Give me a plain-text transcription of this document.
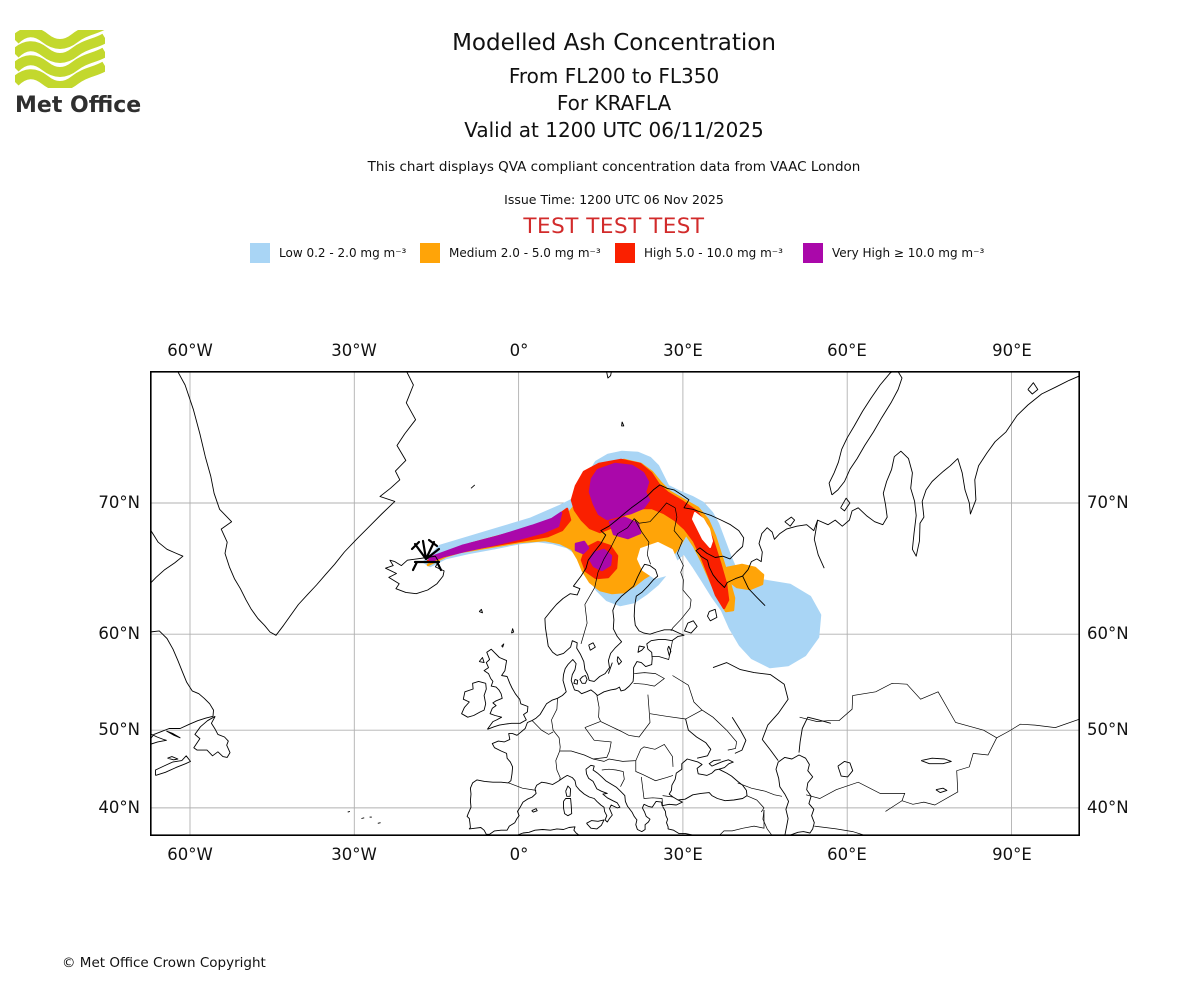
Met Office
Modelled Ash Concentration
From FL200 to FL350
For KRAFLA
Valid at 1200 UTC 06/11/2025
This chart displays QVA compliant concentration data from VAAC London
Issue Time: 1200 UTC 06 Nov 2025
TEST TEST TEST
Low 0.2 - 2.0 mg m⁻³	Medium 2.0 - 5.0 mg m⁻³	High 5.0 - 10.0 mg m⁻³	Very High ≥ 10.0 mg m⁻³
60°W	30°W	0°	30°E	60°E	90°E
60°W	30°W	0°	30°E	60°E	90°E
70°N
60°N
50°N
40°N
70°N
60°N
50°N
40°N
© Met Office Crown Copyright
